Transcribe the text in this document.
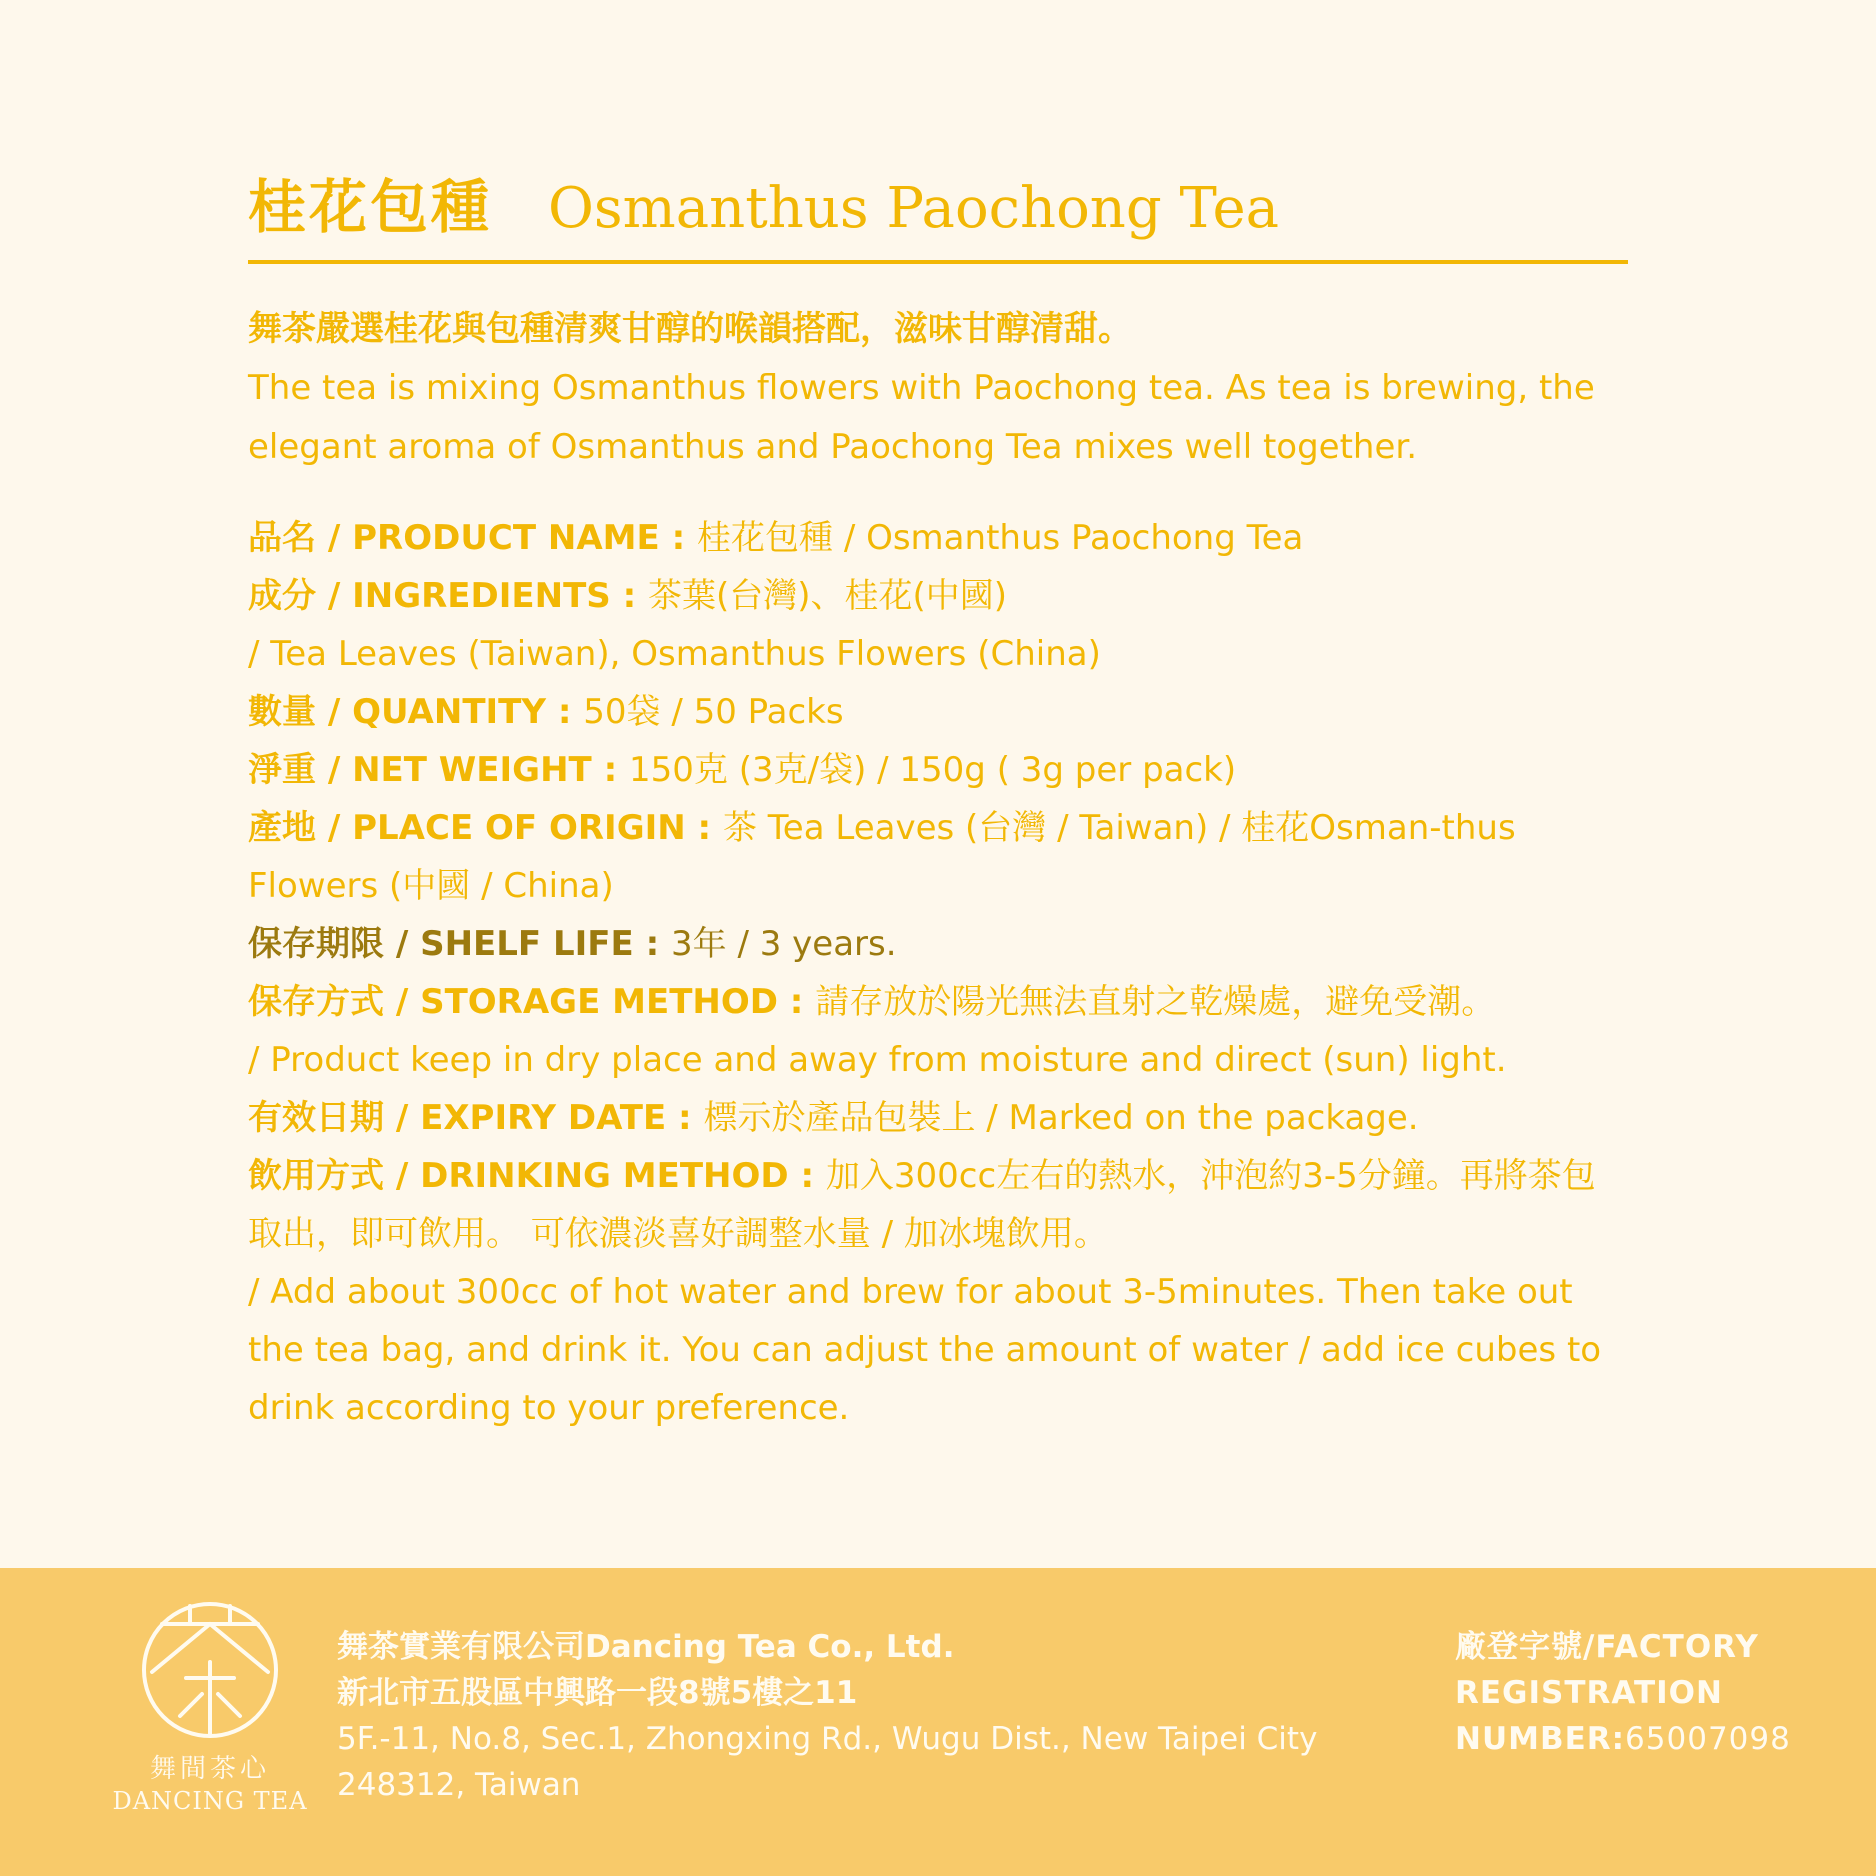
桂花包種 Osmanthus Paochong Tea
舞茶嚴選桂花與包種清爽甘醇的喉韻搭配，滋味甘醇清甜。
The tea is mixing Osmanthus flowers with Paochong tea. As tea is brewing, the elegant aroma of Osmanthus and Paochong Tea mixes well together.

品名 / PRODUCT NAME : 桂花包種 / Osmanthus Paochong Tea

成分 / INGREDIENTS : 茶葉(台灣)、桂花(中國)

/ Tea Leaves (Taiwan), Osmanthus Flowers (China)

數量 / QUANTITY : 50袋 / 50 Packs

淨重 / NET WEIGHT : 150克 (3克/袋) / 150g ( 3g per pack)

產地 / PLACE OF ORIGIN : 茶 Tea Leaves (台灣 / Taiwan) / 桂花Osman-thus Flowers (中國 / China)

保存期限 / SHELF LIFE : 3年 / 3 years.

保存方式 / STORAGE METHOD : 請存放於陽光無法直射之乾燥處，避免受潮。

/ Product keep in dry place and away from moisture and direct (sun) light.

有效日期 / EXPIRY DATE : 標示於產品包裝上 / Marked on the package.

飲用方式 / DRINKING METHOD : 加入300cc左右的熱水，沖泡約3-5分鐘。再將茶包取出，即可飲用。 可依濃淡喜好調整水量 / 加冰塊飲用。

/ Add about 300cc of hot water and brew for about 3-5minutes. Then take out the tea bag, and drink it. You can adjust the amount of water / add ice cubes to drink according to your preference.

舞間茶心
DANCING TEA
舞茶實業有限公司Dancing Tea Co., Ltd.
新北市五股區中興路一段8號5樓之11
5F.-11, No.8, Sec.1, Zhongxing Rd., Wugu Dist., New Taipei City 248312, Taiwan
廠登字號/FACTORY REGISTRATION NUMBER:65007098
